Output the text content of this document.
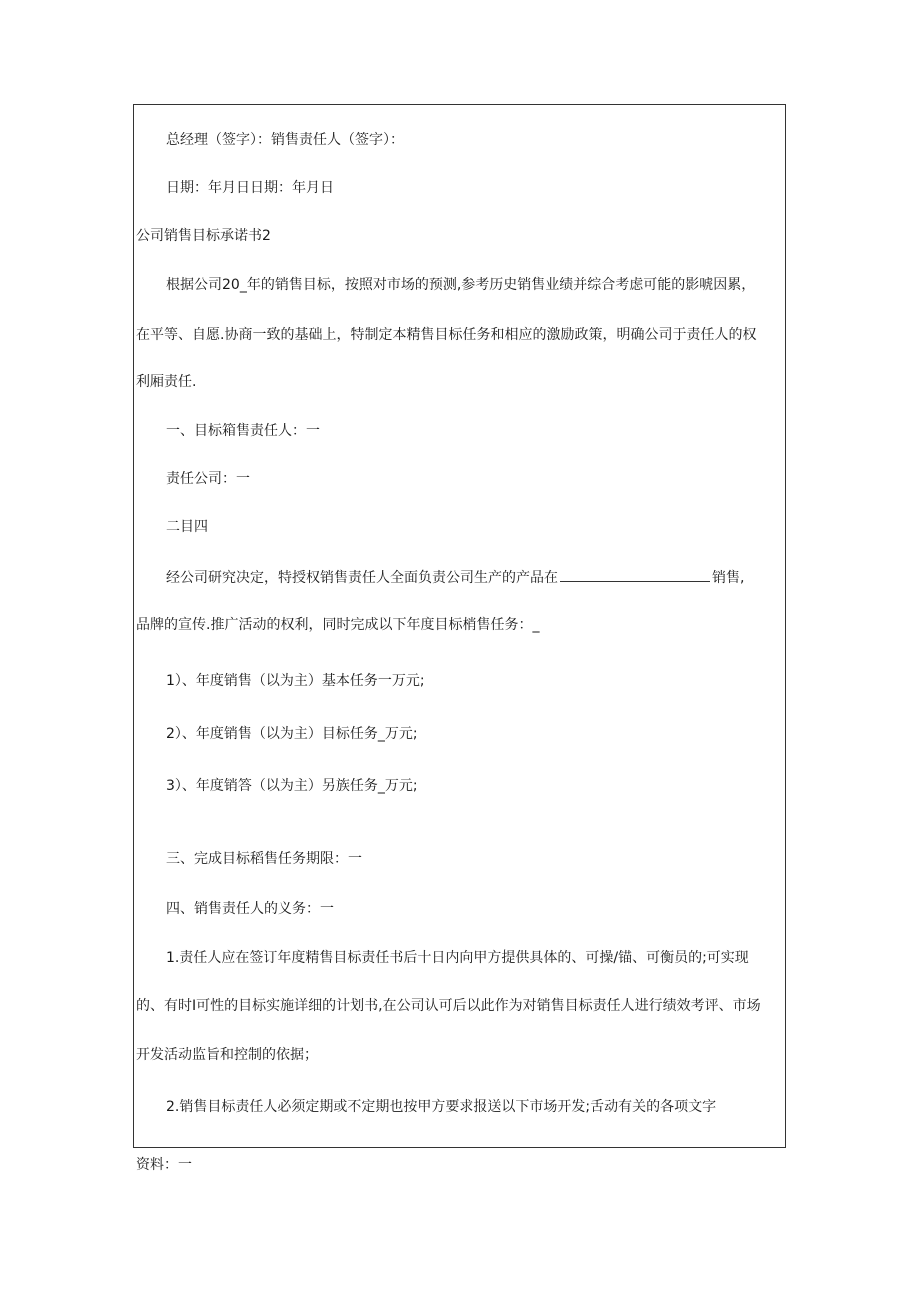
总经理（签字）：销售责任人（签字）：
日期：年月日日期：年月日
公司销售目标承诺书2
根据公司20_年的销售目标，按照对市场的预测,参考历史销售业绩并综合考虑可能的影唬因累，
在平等、自愿.协商一致的基础上，特制定本精售目标任务和相应的激励政策，明确公司于责任人的权
利厢责任.
一、目标箱售责任人：一
责任公司：一
二目四
经公司研究决定，特授权销售责任人全面负责公司生产的产品在	销售,
品牌的宣传.推广活动的权利，同时完成以下年度目标梢售任务：_
1）、年度销售（以为主）基本任务一万元;
2）、年度销售（以为主）目标任务_万元;
3）、年度销答（以为主）另族任务_万元;
三、完成目标稻售任务期限：一
四、销售责任人的义务：一
1.责任人应在签订年度精售目标责任书后十日内向甲方提供具体的、可操/锚、可衡员的;可实现
的、有时I可性的目标实施详细的计划书,在公司认可后以此作为对销售目标责任人进行绩效考评、市场
开发活动监旨和控制的依据；
2.销售目标责任人必须定期或不定期也按甲方要求报送以下市场开发;舌动有关的各项文字
资料：一
